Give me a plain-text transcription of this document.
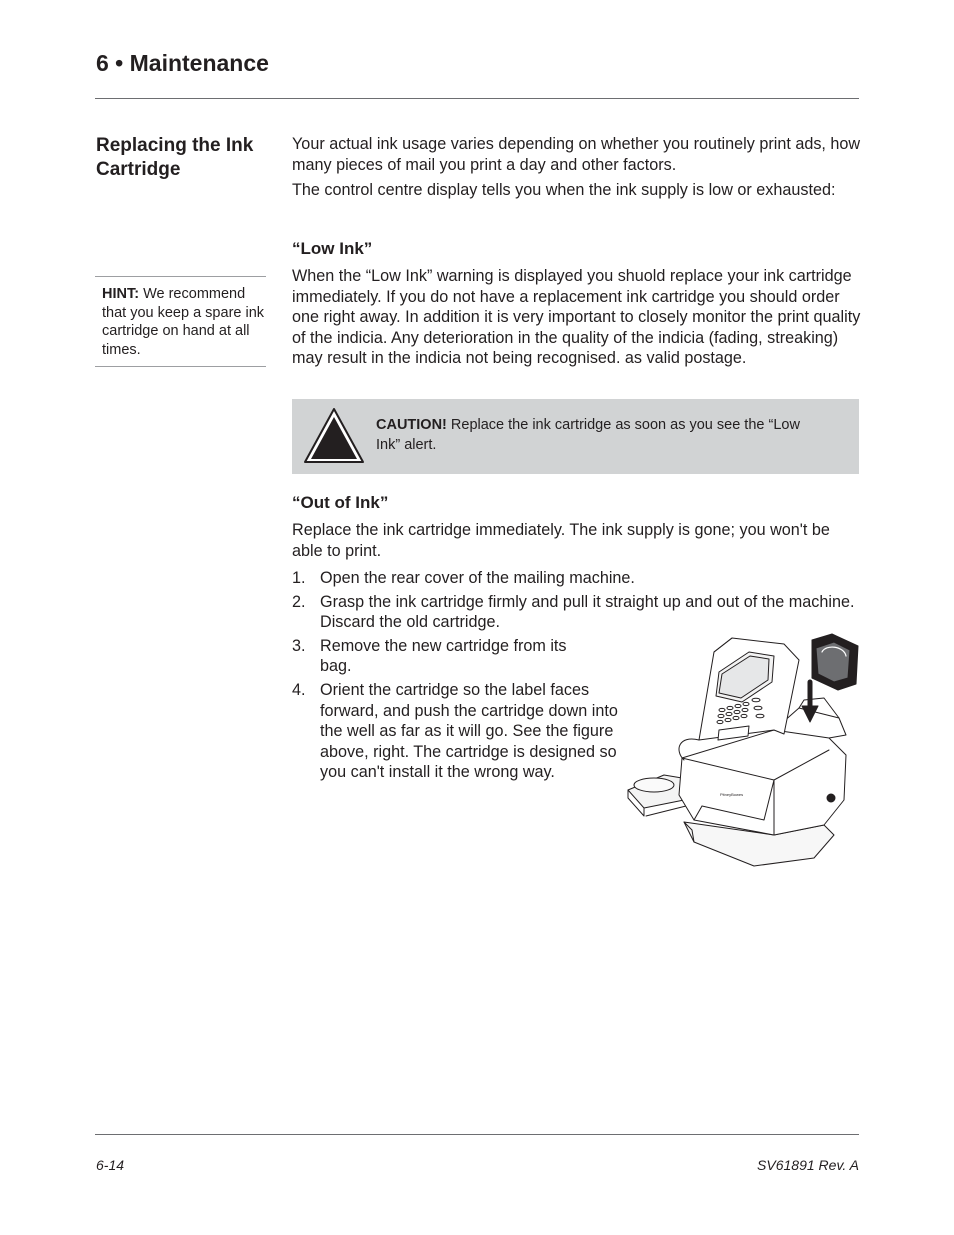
6 • Maintenance
Replacing the Ink Cartridge
HINT: We recommend that you keep a spare ink cartridge on hand at all times.

Your actual ink usage varies depending on whether you routinely print ads, how many pieces of mail you print a day and other factors.

The control centre display tells you when the ink supply is low or exhausted:

“Low Ink”

When the “Low Ink” warning is displayed you shuold replace your ink cartridge immediately. If you do not have a replacement ink cartridge you should order one right away. In addition it is very important to closely monitor the print quality of the indicia. Any deterioration in the quality of the indicia (fading, streaking) may result in the indicia not being recognised. as valid postage.

CAUTION! Replace the ink cartridge as soon as you see the “Low Ink” alert.
“Out of Ink”

Replace the ink cartridge immediately. The ink supply is gone; you won't be able to print.

1. Open the rear cover of the mailing machine.
2. Grasp the ink cartridge firmly and pull it straight up and out of the machine. Discard the old cartridge.
3. Remove the new cartridge from its bag.
4. Orient the cartridge so the label faces forward, and push the cartridge down into the well as far as it will go. See the figure above, right. The cartridge is designed so you can't install it the wrong way.
PitneyBowes
6-14	SV61891 Rev. A
